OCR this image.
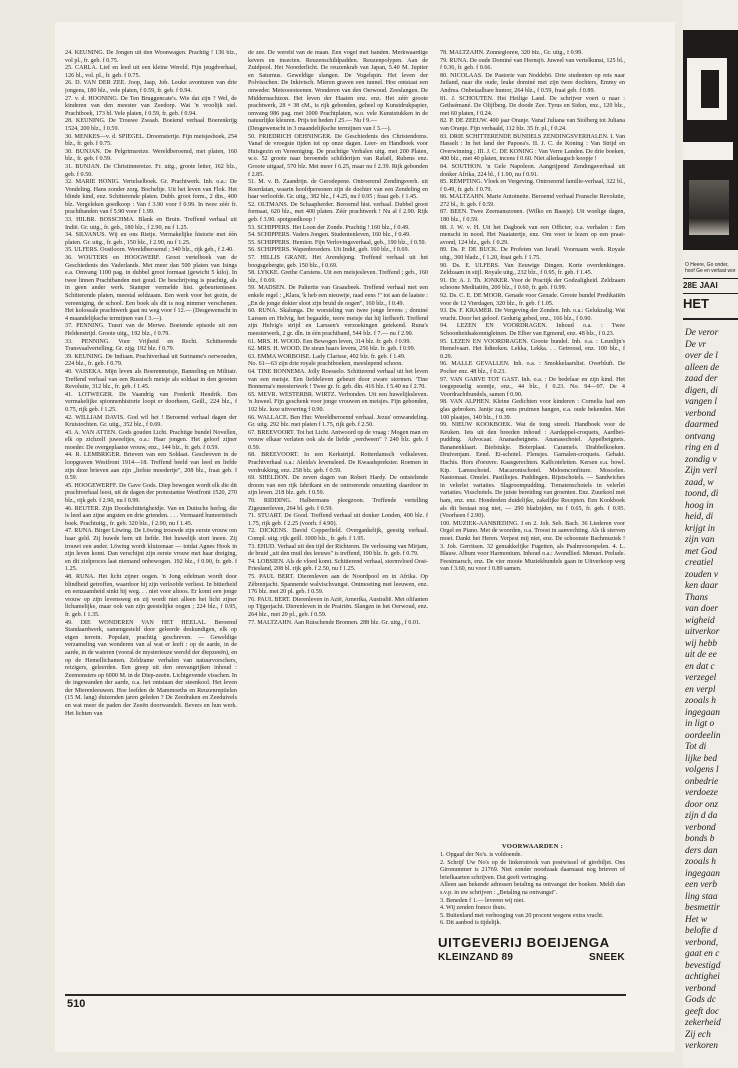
24. KEUNING. De Jongen uit den Woonwagen. Prachtig ! 136 blz., vol pl., fr. geb. f 0.75.

25. CARLA. Lief en leed uit een kleine Wereld. Fijn jeugdverhaal, 126 bl., vol. pl., fr. geb. f 0.75.

26. D. VAN DER ZEE. Joop, Jaap, Job. Leuke avonturen van drie jongens, 180 blz., vele platen, f 0.59, fr. geb. f 0.94.

27. v. d. HOONING. De Ten Bruggencate's. Wie dat zijn ? Wel, de kinderen van den meester van Zeedorp. Wat 'n vroolijk stel. Prachtboek, 173 bl. Vele platen, f 0.59, fr. geb. f 0.94.

28. KEUNING. De Trouwe Zwaab. Boeiend verhaal Boerenkrijg 1524, 200 blz., f 0.59.

30. MENKES—v. d. SPIEGEL. Droomsterije. Fijn meisjesboek, 254 blz., fr. geb. f 0.75.

30. BUNJAN. De Pelgrimsreize. Wereldberoemd, met platen, 160 blz., fr. geb. f 0.59.

31. BUNJAN. De Christinnereize. Fr. uitg., groote letter, 162 blz., geb. f 0.50.

32. MARIE HONIG. Vertelselboek. Gr. Prachtwerk. Inh. o.a.: De Vondeling. Hans zonder zorg. Bocheltje. Uit het leven van Flok. Het blinde kind, enz. Schitterende platen. Dubb. groot form., 2 din., 400 blz. Vergeleken goedkoop : Van f 3.90 voor f 0.99. In twee zéér fr. prachtbanden van f 5.90 voor f 1.99.

33. HILBR. BOSSCHMA. Blank en Bruin. Treffend verhaal uit Indië. Gr. uitg., fr. geb., 180 blz., f 2.90, nu f 1.25.

34. SILVANUS. Wij en ons Rietje. Vermakelijke historie met één platen. Gr. uitg., fr. geb., 150 blz., f 2.90, nu f 1.25.

35. ULFERS. Oostloorn. Wereldberoemd ; 340 blz., rijk geb., f 2.40.

36. WOUTERS en HOOGWERF. Groot vertelboek van de Geschiedenis des Vaderlands. Met meer dan 500 platen van Isings e.a. Omvang 1100 pag. in dubbel groot formaat (gewicht 5 kilo). In twee linnen Prachtbanden met goud. De beschrijving is prachtig, als in geen ander werk. Stamper vermelde hist. gebeurtenissen. Schitterende platen, meestal seldzaam. Een werk voor het gezin, de vereeniging, de school. Een boek als dit is nog nimmer verschenen. Het kolossale prachtwerk gaat nu weg voor f 12.— (Desgewenscht in 4 maandelijksche termijnen van f 3.—).

37. PENNING. Trasri van de Merwe. Boeiende episode uit een Heldenstrijd. Groote uitg., 192 blz., f 0.79.

33. PENNING. Voor Vrijheid en Recht. Schitterende Transvaalvertelling. Gr. zijg. 192 blz. f 0.79.

39. KEUNING. De Indiaan. Prachtverhaal uit Suriname's oerwouden, 224 blz., fr. geb. f 0.79.

40. VAISEKA. Mijn leven als Boerenmeisje, Banneling en Militair. Treffend verhaal van een Russisch meisje als soldaat in den grooten Revolutie, 312 blz., fr. geb. f 1.45.

41. LOTWEGER. De Vaandrig van Frederik Hendrik. Een vermakelijke spionnenhistorie loopt er doorheen, Geill., 224 blz., f 0.75, rijk geb. f 1.25.

42. WILLIAM DAVIS. God wil het ! Beroemd verhaal dagen der Kruistochten. Gr. uitg., 352 blz., f 0.69.

43. A. VAN ATTEN. Gods gouden Licht. Prachtige bundel Novellen, elk op zichzelf juweeltjes, o.a.: Haar jongen. Het geloof zijner moeder. De overgeplaatse vrouw, enz., 144 blz., fr. geb. f 0.59.

44. R. LEMBRIGER. Brieven van een Soldaat. Geschreven in de loopgraven Westfront 1914—18. Treffend beeld van leed en liefde zijn deze brieven aan zijn „liefste moedertje", 208 blz., fraai geb. f 0.59.

45. HOOGEWERFF. De Gave Gods. Diep bewogen wordt elk die dit prachtverhaal leest, uit de dagen der protestantse Westfront 1520, 270 blz., rijk geb. f 2.90, nu f 0.99.

46. REUTER. Zijn Doodschitteigheidje. Van en Duitsche herlog, die is leed aan zijne angsten en drie grienden. . . . Vermaard humoristisch boek. Prachtuitg., fr. geb. 320 blz., f 2.90, nu f 1.45.

47. RUNA. Birger Löwing. De Löwing trouwde zijn eerste vrouw om haar geld. Zij huwde hem uit liefde. Het huwelijk stort ineen. Zij trouwt een ander. Löwing wordt kluizenaar — totdat Agnes Hook in zijn leven komt. Dan verschijnt zijn eerste vrouw met haar dreiging, en dit zielproces laat niemand onbewogen. 192 blz., f 0.90, fr. geb. f 1.25.

48. RUNA. Het licht zijner oogen. 'n Jong edelman wordt door blindheid getroffen, waardoor hij zijn verloofde verliest. In bitterheid en eenzaamheid sinkt hij weg. . . niet voor altoos. Er komt een jonge vrouw op zijn levensweg en zij wordt niet alleen het licht zijner lichamelijke, maar ook van zijn geestelijke oogen ; 224 blz., f 0.95, fr. geb. f 1.35.

49. DIE WONDEREN VAN HET HEELAL. Beroemd Standaardwerk, samengesteld door geleerde deskundigen, elk op eigen terrein. Populair, prachtig geschreven. — Geweldige verzameling van wonderen van al wat er leeft : op de aarde, in de aarde, in de wateren (vooral de mysterieuze wereld der diepzeeën), en op de Hemellichamen. Zeldzame verhalen van natuurvorschers, reizigers, geleerden. Een greep uit den omvangrijken inhoud : Zeemonsters op 6000 M. in de Diep-zeeën. Lichtgevende visschen. In de ingewanden der aarde, o.a. het ontstaan der steenkool. Het leven der Mierenleeuwen. Hoe leefden de Mammoeths en Reuzenreptielen (15 M. lang) duizenden jaren geleden ? De Zeedraken en Zeeduivels en wat meer de paden der Zeeën doorwandelt. Bevers en hun werk. Het lichten van

de zee. De wereld van de maan. Een vogel met handen. Merkwaardige kevers en insecten. Reuzenschildpadden. Reuzenpolypen. Aan de Zuidpool. Het Noorderlicht. De reuzenkrab van Japan, 5.40 M. Jupiter en Saturnus. Geweldige slangen. De Vogelspin. Het leven der Polvisschen. De Inktvisch. Mieren graven een tunnel. Hoe ontstaat een onweder. Meteoorsteenen. Wonderen van den Oerwoud. Zeeslangen. De Middernachtzon. Het leven der Haaien enz. enz. Het zéér groote prachtwerk, 28 × 38 cM., is rijk gebonden, geheel op Kunstdrukpapier, omvang 986 pag. met 1000 Prachtplaten, w.o. vele Kunststukken in de natuurlijke kleuren. Prijs tot heden f 25.— Nu f 9.—

(Desgewenscht in 3 maandelijksche termijnen van f 3.—).

50. FRIEDRICH OEHNINGER. De Geschiedenis des Christendoms. Vanaf de vroegste tijden tot op onze dagen. Leer- en Handboek voor Huisgezin en Vereeniging. De prachtige Verhalen uitg. met 200 Platen, w.o. 52 groote naar beroemde schilderijen van Rafaël, Rubens enz. Groote uitgaaf, 570 blz. Met meer f 6.25, maar nu f 2.39. Rijk gebonden f 2.85.

51. M. v. B. Zaandrijn. de Gerodepene. Ontroerend Zendingsverh. uit Roerdatan, waarin hoofdpersonen zijn de dochter van een Zendeling en haar verloofde. Gr. uitg., 382 blz., f 4.25, nu f 0.95 ; fraai geb. f 1.45.

52. OLTMANS. De Schaapherder. Beroemd hist. verhaal. Dubbel groot formaat, 620 blz., met 400 platen. Zéér prachtwerk ! Nu al f 2.90. Rijk geb. f 3.90. spotgoedkoop !

53. SCHIPPERS. Het Loon der Zonde. Prachtig ! 160 blz., f 0.49.

54. SCHIPPERS. Vaders Jongen. Studentenleven, 160 blz., f 0.49.

55. SCHIPPERS. Hemien. Fijn Verlovingsverhaal, geb., 190 blz., f 0.59.

56. SCHIPPERS. Wapenbroeders. Uit Indië, geb. 160 blz., f 0.69.

57. HILLIS GRANE. Het Arendsjong. Treffend verhaal uit het boogsgebergte, geb. 150 blz., f 0.69.

58. LYKKE. Grethe Carstens. Uit een meisjesleven. Treffend ; geb., 160 blz., f 0.69.

59. MADSEN. De Paltertie van Graaubeek. Treffend verhaal met een enkele regel : „Klara, 'k heb een nieuwtje, raad eens !" tot aan de laatste : „En de jonge dokter sloot zijn bruid de oogen", 160 blz., f 0.49.

60. RUNA. Skalunga. De worsteling van twee jonge levens ; dominé Larssen en Helvig, het begaafde, teere meisje dat hij liefheeft. Treffend zijn Helvig's strijd en Larssen's verzoekingen getekend. Runa's meesterwerk, 2 gr. dln. in één prachtband, 544 blz. f 7.— nu f 2.90.

61. MRS. H. WOOD. Een Bewogen leven, 314 blz. fr. geb. f 0.99.

62. MRS. H. WOOD. De steun haars levens, 256 blz. fr. geb. f 0.99.

63. EMMA WORBOISE. Lady Clarisse, 402 blz. fr. geb. f 1.49.

No. 61—63 zijn drie royale prachtboeken, meeslepend schoon.

64. TINE BONNEMA. Jolly Roesselo. Schitterend verhaal uit het leven van een meisje. Een liefdeleven gebeurt door zware stormen. 'Tine Bonnema's meesterwerk ! Twee gr. fr. geb. dln. 416 blz. f 5.40 nu f 2.70.

65. MEVR. WESTERBR. WIRTZ. Verbonden. Uit een huwelijksleven. 'n Juweel. Fijn geschenk voor jonge vrouwen en meisjes. Fijn gebonden, 102 blz. luxe uitvoering f 0.90.

66. WALLACE. Ben Hur. Wereldberoemd verhaal. Jezus' omwandeling. Gr. uitg. 292 blz. met platen f 1.75, rijk geb. f 2.50.

67. BREEVOORT. Tot het Licht. Antwoord op de vraag : Mogen man en vrouw elkaar verlaten ook als de liefde „verdween" ? 240 blz. geb. f 0.59.

68. BREEVOORT. In een Kerkstrijd. Rotterdamsch volksleven. Prachtverhaal o.a.: Aleida's levensleed. De Kwaadsprekster. Roemen in verdrukking, enz. 258 blz. geb. f 0.59.

69. SHELDON. De zeven dagen van Robert Hardy. De ontstelende droom van een rijk fabrikant en de ontroerende omzetting daardoor in zijn leven. 218 blz. geb. f 0.59.

70. RIDDING. Halbermans pleegzoon. Treffende vertelling Zigeunerleven, 264 bl. geb. f 0.59.

71. STUART. De Good. Treffend verhaal uit donker Londen, 400 blz. f 1.75, rijk geb. f 2.25 (voorh. f 4.90).

72. DICKENS. David Copperfield. Overgankelijk, geestig verhaal. Compl. uitg. rijk geill. 1000 blz., fr. geb. f 1.95.

73. EHUD. Verhaal uit den tijd der Richteren. De verlossing van Mirjam, de bruid „uit den muil des leeuws" is treffend, 190 blz. fr. geb. f 0.79.

74. LOBSIEN. Als de vloed komt. Schitterend verhaal, stormvloed Oost-Friesland, 208 bl. rijk geb. f 2.50, nu f 1.25.

75. PAUL BERT. Dierenleven aan de Noordpool en in Afrika. Op Zèbrenjacht. Spannende walvischvangst. Ontmoeting met leeuwen, enz. 176 blz. met 20 pl. geb. f 0.59.

76. PAUL BERT. Dierenleven in Azië, Amerika, Australië. Met olifanten op Tijgerjacht. Dierenleven in de Prairiën. Slangen in het Oerwoud, enz. 264 blz., met 29 pl., geb. f 0.59.

77. MALTZAHN. Aan Ruischende Bronnen. 288 blz. Gr. uitg., f 0.01.

78. MALTZAHN. Zonneglorен, 320 blz., Gr. uitg., f 0.99.

79. RUNA. De oude Dominé van Hornsjö. Juweel van vertelkunst, 125 bl., f 0.36, fr. geb. f 0.66.

80. NICOLAAS. De Pastorie van Noddebö. Drie studenten op reis naar Jutland, naar die oude, leuke dominé met zijn twee dochters, Emmy en Andrea. Onbetaalbare humor, 264 blz., f 0.59, fraai geb. f 0.89.

81. J. SCHOUTEN. Het Heilige Land. De schrijver voert u naar : Gethsémané. De Olijfberg. De doode Zee. Tyrus en Sidon, enz., 120 blz., met 60 platen, f 0.24.

82. P. DE ZEEUW. 400 jaar Oranje. Vanaf Juliana van Stolberg tot Juliana van Oranje. Fijn verhaald, 112 blz. 35 fr. pl., f 0.24.

83. DRIE SCHITTERENDE BUNDELS ZENDINGSVERHALEN. I. Van Hasselt : In het land der Papoea's. II. J. C. de Koning : Van Strijd en Overwinning ; III. J. C. DE KONING : Van Verre Landen. De drie boeken, 400 blz., met 40 platen, incens f 0.60. Niet alledaagsch koopje !

84. SOUTHON. 'n Gele Napoleon. Aangrijpend Zendingaverhaal uit donker Afrika, 224 bl., f 1.90, nu f 0.91.

85. RÉMPTING. Vloek en Vergeving. Ontroerend familie-verhaal, 322 bl., f 0.49, fr. geb. f 0.79.

86. MALTZAHN. Marie Antoinette. Beroemd verhaal Fransche Revolutie, 272 bl., fr. geb. f 0.59.

87. BEEN. Twee Zeemanszonen. (Wilko en Baasje). Uit woelige dagen, 180 blz., f 0.59.

88. J. W. v. H. Uit het Dagboek van een Officier, o.a. verhalen : Een menschi in nood. Het Naaiatertje, enz. Om voor te lezen op een praat-avond, 124 blz., geb. f 0.29.

89. Ds. P. DE BUCK. De Profeten van Israël. Voornaam werk. Royale uitg., 360 bladz., f 1.20, fraai geb. f 1.75.

90. Ds. E. ULFERS. Van Eeuwige Dingen. Korte overdenkingen. Zeldzaam in stijl. Royale uitg., 232 blz., f 0.95, fr. geb. f 1.45.

91. Dr. A. J. Th. JONKER. Voor de Practijk der Godzaligheid. Zeldzaam schoone Meditatiën, 200 blz., f 0.60, fr. geb. f 0.99.

92. Ds. C. E. DE MOOR. Genade voor Genade. Groote bundel Predikatiën voor de 12 Vierdagen, 320 blz., fr. geb. f 1.05.

93. Ds. F. KRAMER. De Vergeving der Zonden. Inh. o.a.: Gelukzalig. Wat vrucht. Door het geloof. Gedurig gebed, enz., 166 blz., f 0.90.

94. LEZEN EN VOORDRAGEN. Inhoud o.a. : Twee Schoonheidsakonnigleinen. De Elber van Egmond, enz. 48 blz., f 0.23.

95. LEZEN EN VOORDRAGEN. Groote bundel. Inh. o.a. : Leunlijn's Hemelvaart. Het lidteeken. Lekka, Lekka. . . Getroosd, enz. 100 blz., f 0.29.

96. MALLE GEVALLEN. Inh. o.a. : Smokkelaarslist. Overbluft. De Pocher enz. 48 blz., f 0.23.

97. VAN GARVE TOT GAST. Inh. o.a. : De bedelaar en zijn kind. Het toegepeuelig soontje, enz., 44 blz., f 0.23. No. 94—97. De 4 Voordrachtbundels, samen f 0.90.

98. VAN ALPHEN. Kleine Gedichten voor kinderen : Cornelia had een glas gebroken. Jantje zag eens pruimen hangen, e.a. oude bekenden. Met 100 plaatjes, 140 blz., f 0.39.

99. NIEUW KOOKBOEK. Wat de tong streelt. Handboek voor de Keuken. Iets uit den breeden inhoud : Aardappel-croquets, Aardbei-pudding. Advocaat. Ananasbeignets. Ananasschotel. Appelbeignets. Bananenklaart. Biefstukje. Boterplaat. Caramels. Drabbelkoeken. Druivenjam. Eend. Ei-schotel. Flensjes. Garnalen-croquets. Gehakt. Hachis. Hors d'oeuvre. Kaasgerechten. Kalfcoteletten. Kersen e.a. bowl. Kip. Lamsschotel. Macaronischotel. Meloenconfiture. Moscelen. Nastomaat. Omelet. Pastiliejes. Puddingen. Rijstschotels. — Sandwiches in velerlei variaties. Slagroompudding. Tomatenschotels in velerlei variaties. Visschotels. De juiste bereiding van groenten. Enz. Zuurkool met ham, enz. enz. Honderden duidelijke, zakelijke Recepten. Een Kookboek als dit bestaat nog niet, — 290 bladzijden, nu f 0.65, fr. geb. f 0.95. (Voorheen f 2.90).

100. MUZIEK-AANBIEDING. I en 2. Joh. Seb. Bach. 36 Liederen voor Orgel en Piano. Met de woorden, o.a. Troost in aanvechting. Als ik sterven moet. Dankt het Heren. Verpest mij niet, enz. De schoonste Bachmuziek ! 3. Joh. Gerritsen. 32 gemakkelijke Fugetten, als Psalmvoorspelen. 4. L. Blauw. Album voor Harmonium. Inhoud o.a.: Avondlied. Menuet. Prelude. Feestmarsch, enz. De vier mooie Muziekbundels gaan in Uitverkoop weg van f 3.60, nu voor f 0.89 samen.

VOORWAARDEN :

1. Opgaaf der No's. is voldoende.

2. Schrijf Uw No's op de linkerstrook van postwissel of girobiljet. Ons Gironummer is 21769. Niet zonder noodzaak daarnaast nog brieven of briefkaarten schrijven. Dat geeft vertraging.

Alleen aan bekende adressen betaling na ontvangst der boeken. Meldt dan s.v.p. in uw schrijven : „Betaling na ontvangst".

3. Beneden f 1.— leveren wij niet.

4. Wij zenden franco thuis.

5. Buitenland met verhooging van 20 procent wegens extra vracht.

6. Dit aanbod is tijdelijk.

UITGEVERIJ BOEIJENGA
KLEINZAND 89	SNEEK
510
O Heere, Go onder, hoof Ge en verlaat wor
28E JAAI
HET
De veror
De vr
over de l
alleen de
zaad der
digen, di
vangen l
verbond
daarmed
ontvang
ring en d
zondig v
Zijn verl
zaad, w
toond, di
hoog in
heid, di
krijgt in
zijn van
met God
creatiel
zouden v
ken daar
Thans
van doer
wigheid
uitverkor
wij hebb
uit de ee
en dat c
verzegel
en verpl
zooals h
ingegaan
in ligt o
oordeelin
Tot di
lijke bed
volgens l
onbedrie
verdoeze
door onz
zijn d da
verbond
bonds b
ders dan
zooals h
ingegaan
een verb
ling staa
besmettir
Het w
belofte d
verbond,
gaat en c
bevestigd
achtighei
verbond
Gods dc
geeft doc
zekerheid
Zij ech
verkoren
